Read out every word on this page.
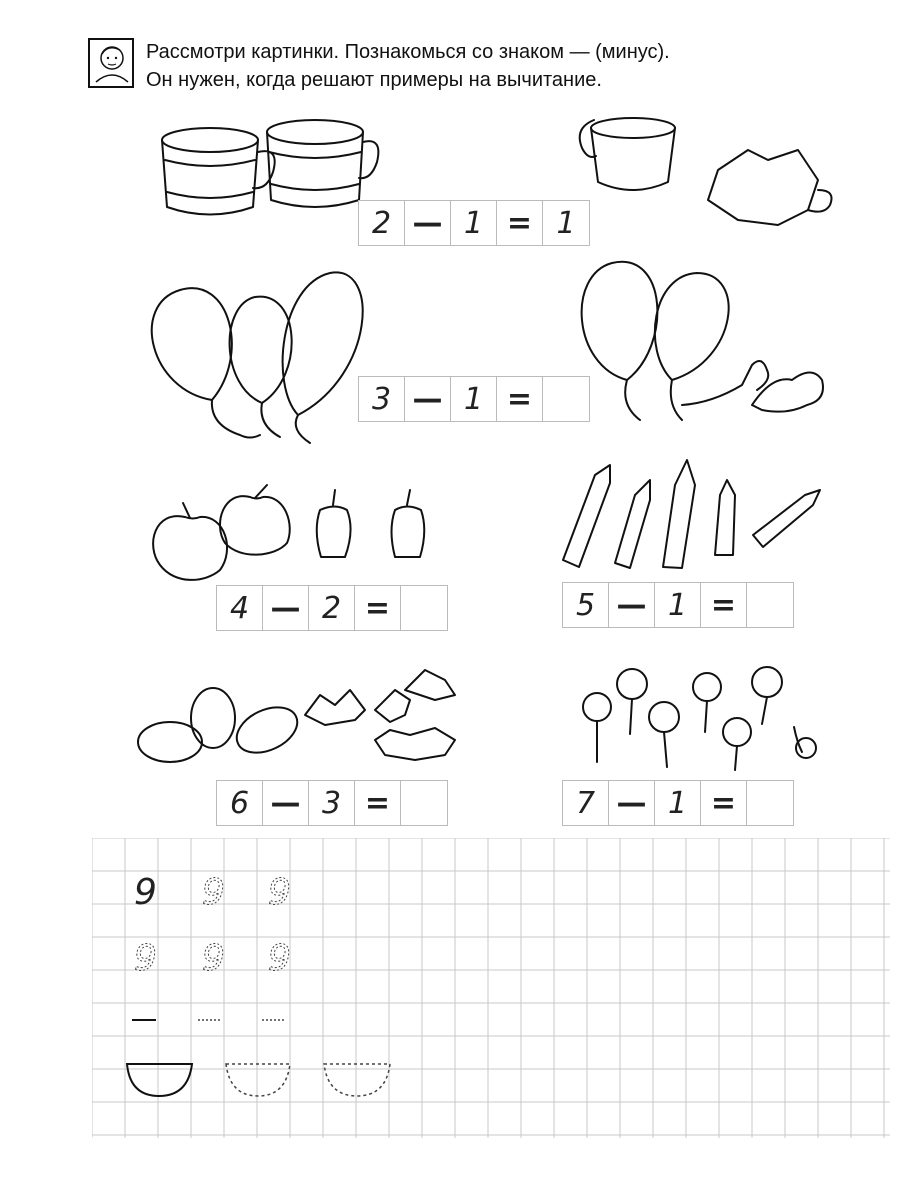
Рассмотри картинки. Познакомься со знаком — (минус).
Он нужен, когда решают примеры на вычитание.
2 — 1 = 1
3 — 1 =
4 — 2 =	5 — 1 =
6 — 3 =	7 — 1 =
9 9 9
9 9 9
